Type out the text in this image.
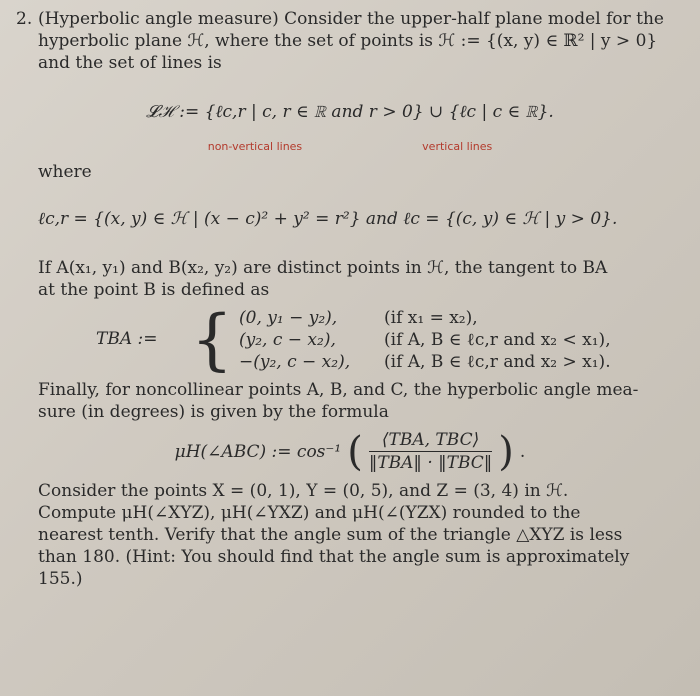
2. (Hyperbolic angle measure) Consider the upper-half plane model for the

hyperbolic plane ℋ, where the set of points is ℋ := {(x, y) ∈ ℝ² | y > 0}

and the set of lines is

𝓛ℋ := {ℓc,r | c, r ∈ ℝ and r > 0} ∪ {ℓc | c ∈ ℝ}.

non-vertical lines	vertical lines

where

ℓc,r = {(x, y) ∈ ℋ | (x − c)² + y² = r²} and ℓc = {(c, y) ∈ ℋ | y > 0}.

If A(x₁, y₁) and B(x₂, y₂) are distinct points in ℋ, the tangent to BA

at the point B is defined as

TBA := { (0, y₁ − y₂),	(if x₁ = x₂),
(y₂, c − x₂),	(if A, B ∈ ℓc,r and x₂ < x₁),
−(y₂, c − x₂),	(if A, B ∈ ℓc,r and x₂ > x₁).

Finally, for noncollinear points A, B, and C, the hyperbolic angle mea-

sure (in degrees) is given by the formula

μH(∠ABC) := cos⁻¹ ( $\frac{\text{⟨TBA, TBC⟩}}{\text{‖TBA‖ · ‖TBC‖}}$ ) .

Consider the points X = (0, 1), Y = (0, 5), and Z = (3, 4) in ℋ.

Compute μH(∠XYZ), μH(∠YXZ) and μH(∠(YZX) rounded to the

nearest tenth. Verify that the angle sum of the triangle △XYZ is less

than 180. (Hint: You should find that the angle sum is approximately

155.)
